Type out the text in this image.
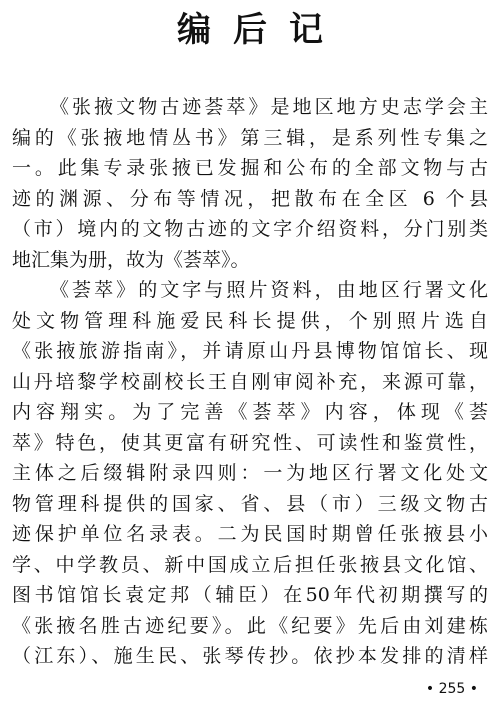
编后记
《张掖文物古迹荟萃》是地区地方史志学会主
编的《张掖地情丛书》第三辑，是系列性专集之
一。此集专录张掖已发掘和公布的全部文物与古
迹的渊源、分布等情况，把散布在全区 6 个县
（市）境内的文物古迹的文字介绍资料，分门别类
地汇集为册，故为《荟萃》。
《荟萃》的文字与照片资料，由地区行署文化
处文物管理科施爱民科长提供，个别照片选自
《张掖旅游指南》，并请原山丹县博物馆馆长、现
山丹培黎学校副校长王自刚审阅补充，来源可靠，
内容翔实。为了完善《荟萃》内容，体现《荟
萃》特色，使其更富有研究性、可读性和鉴赏性，
主体之后缀辑附录四则：一为地区行署文化处文
物管理科提供的国家、省、县（市）三级文物古
迹保护单位名录表。二为民国时期曾任张掖县小
学、中学教员、新中国成立后担任张掖县文化馆、
图书馆馆长袁定邦（辅臣）在50年代初期撰写的
《张掖名胜古迹纪要》。此《纪要》先后由刘建栋
（江东）、施生民、张琴传抄。依抄本发排的清样
• 255 •
